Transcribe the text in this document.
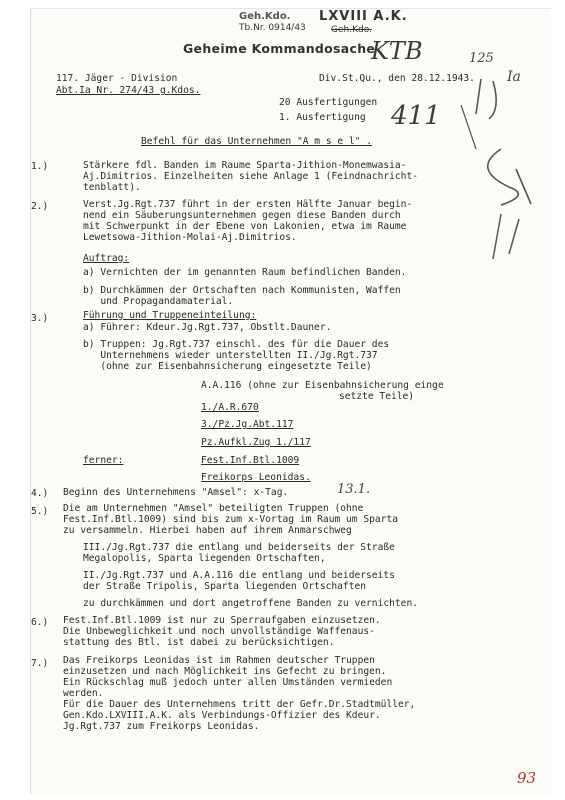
Geh.Kdo.
Tb.Nr. 0914/43
LXVIII A.K.
Geh.Kdo.
Geheime Kommandosache
KTB	125
Ia
411
117. Jäger - Division
Abt.Ia Nr. 274/43 g.Kdos.
Div.St.Qu., den 28.12.1943.
20 Ausfertigungen
1. Ausfertigung
Befehl für das Unternehmen "A m s e l" .
1.)	Stärkere fdl. Banden im Raume Sparta-Jithion-Monemwasia-
Aj.Dimitrios. Einzelheiten siehe Anlage 1 (Feindnachricht-
tenblatt).
2.)	Verst.Jg.Rgt.737 führt in der ersten Hälfte Januar begin-
nend ein Säuberungsunternehmen gegen diese Banden durch
mit Schwerpunkt in der Ebene von Lakonien, etwa im Raume
Lewetsowa-Jithion-Molai-Aj.Dimitrios.
Auftrag:
a) Vernichten der im genannten Raum befindlichen Banden.
b) Durchkämmen der Ortschaften nach Kommunisten, Waffen
und Propagandamaterial.
3.)	Führung und Truppeneinteilung:
a) Führer: Kdeur.Jg.Rgt.737, Obstlt.Dauner.
b) Truppen: Jg.Rgt.737 einschl. des für die Dauer des
Unternehmens wieder unterstellten II./Jg.Rgt.737
(ohne zur Eisenbahnsicherung eingesetzte Teile)
A.A.116 (ohne zur Eisenbahnsicherung einge
setzte Teile)
1./A.R.670
3./Pz.Jg.Abt.117
Pz.Aufkl.Zug 1./117
Fest.Inf.Btl.1009
ferner:
Freikorps Leonidas.
4.) Beginn des Unternehmens "Amsel": x-Tag.	13.1.
5.) Die am Unternehmen "Amsel" beteiligten Truppen (ohne
Fest.Inf.Btl.1009) sind bis zum x-Vortag im Raum um Sparta
zu versammeln. Hierbei haben auf ihrem Anmarschweg
III./Jg.Rgt.737 die entlang und beiderseits der Straße
Megalopolis, Sparta liegenden Ortschaften,
II./Jg.Rgt.737 und A.A.116 die entlang und beiderseits
der Straße Tripolis, Sparta liegenden Ortschaften
zu durchkämmen und dort angetroffene Banden zu vernichten.
6.) Fest.Inf.Btl.1009 ist nur zu Sperraufgaben einzusetzen.
Die Unbeweglichkeit und noch unvollständige Waffenaus-
stattung des Btl. ist dabei zu berücksichtigen.
7.) Das Freikorps Leonidas ist im Rahmen deutscher Truppen
einzusetzen und nach Möglichkeit ins Gefecht zu bringen.
Ein Rückschlag muß jedoch unter allen Umständen vermieden
werden.
Für die Dauer des Unternehmens tritt der Gefr.Dr.Stadtmüller,
Gen.Kdo.LXVIII.A.K. als Verbindungs-Offizier des Kdeur.
Jg.Rgt.737 zum Freikorps Leonidas.
93
